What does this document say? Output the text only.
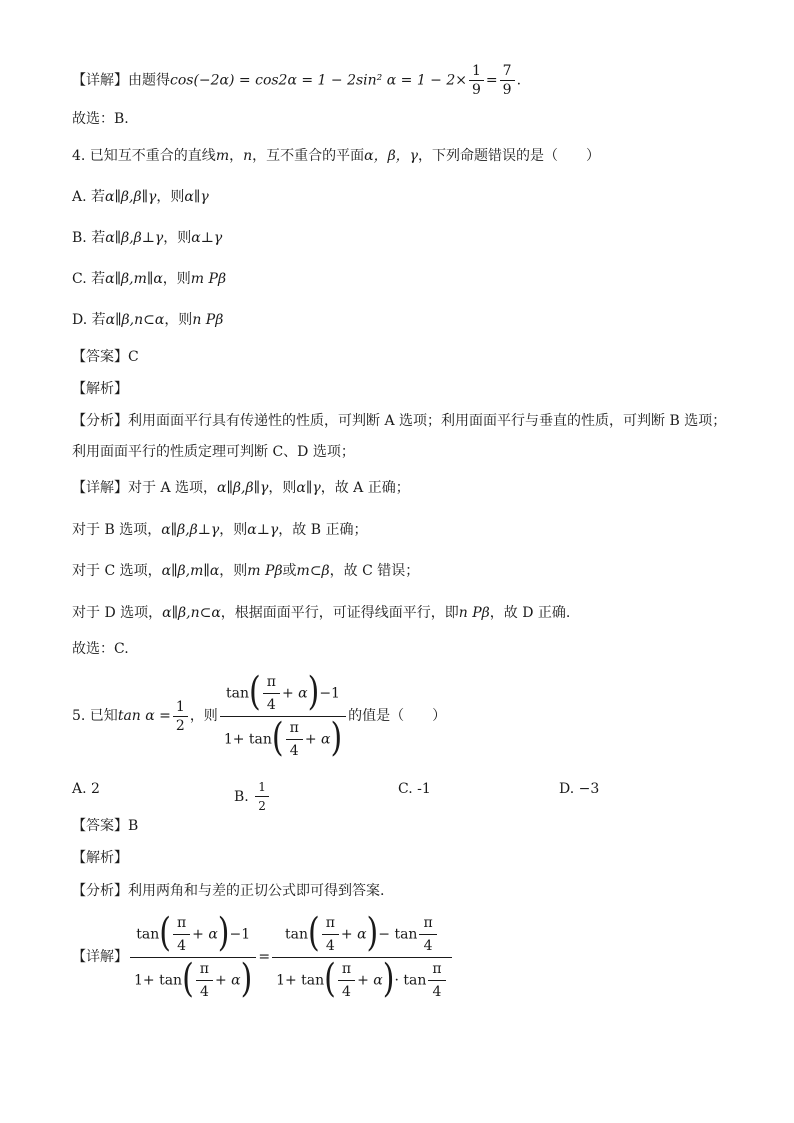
【详解】由题得cos(−2α) = cos2α = 1 − 2sin² $\alpha = 1 - 2\times \frac{1}{9} = \frac{7}{9}$ .
故选：B.
4. 已知互不重合的直线m，n，互不重合的平面α，β，γ，下列命题错误的是（　　）
A. 若α∥β,β∥γ，则α∥γ
B. 若α∥β,β⊥γ，则α⊥γ
C. 若α∥β,m∥α，则m Pβ
D. 若α∥β,n⊂α，则n Pβ
【答案】C
【解析】
【分析】利用面面平行具有传递性的性质，可判断 A 选项；利用面面平行与垂直的性质，可判断 B 选项；
利用面面平行的性质定理可判断 C、D 选项；
【详解】对于 A 选项，α∥β,β∥γ，则α∥γ，故 A 正确；
对于 B 选项，α∥β,β⊥γ，则α⊥γ，故 B 正确；
对于 C 选项，α∥β,m∥α，则m Pβ或m⊂β，故 C 错误；
对于 D 选项，α∥β,n⊂α，根据面面平行，可证得线面平行，即n Pβ，故 D 正确.
故选：C.
5. 已知 $\tan \alpha = \frac{1}{2}$ ，则 $\frac{\tan( \frac{\pi}{4} + \alpha)-1}{1+ \tan( \frac{\pi}{4} + \alpha)}$ 的值是（　　）
A. 2	B.
$\frac{1}{2}$	C. -1	D. −3
【答案】B
【解析】
【分析】利用两角和与差的正切公式即可得到答案.
【详解】 $\frac{\tan( \frac{\pi}{4} + \alpha)-1}{1+ \tan( \frac{\pi}{4} + \alpha)} = \frac{\tan( \frac{\pi}{4} + \alpha)- \tan \frac{\pi}{4}}{1+ \tan( \frac{\pi}{4} + \alpha)\cdot \tan \frac{\pi}{4}}$
